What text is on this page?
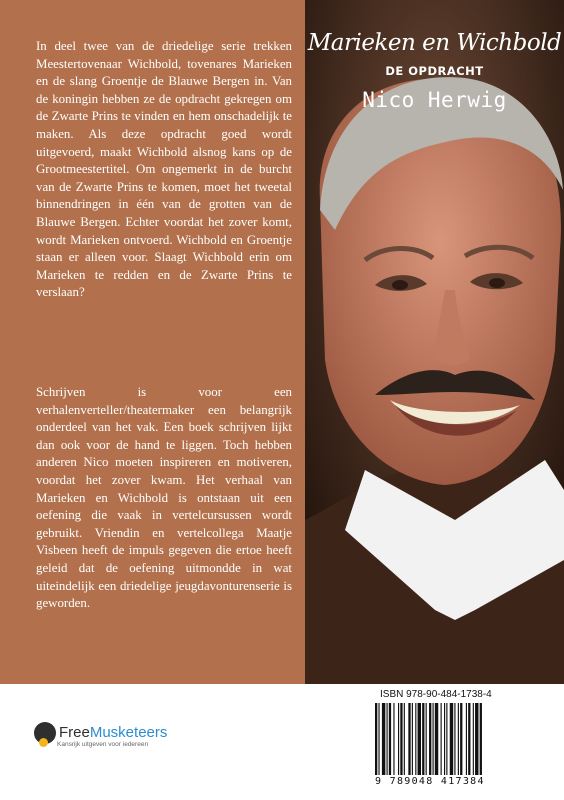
In deel twee van de driedelige serie trekken Meestertovenaar Wichbold, tovenares Marieken en de slang Groentje de Blauwe Bergen in. Van de koningin hebben ze de opdracht gekregen om de Zwarte Prins te vinden en hem onschadelijk te maken. Als deze opdracht goed wordt uitgevoerd, maakt Wichbold alsnog kans op de Grootmeestertitel. Om ongemerkt in de burcht van de Zwarte Prins te komen, moet het tweetal binnendringen in één van de grotten van de Blauwe Bergen. Echter voordat het zover komt, wordt Marieken ontvoerd. Wichbold en Groentje staan er alleen voor. Slaagt Wichbold erin om Marieken te redden en de Zwarte Prins te verslaan?

Schrijven is voor een verhalenverteller/theatermaker een belangrijk onderdeel van het vak. Een boek schrijven lijkt dan ook voor de hand te liggen. Toch hebben anderen Nico moeten inspireren en motiveren, voordat het zover kwam. Het verhaal van Marieken en Wichbold is ontstaan uit een oefening die vaak in vertelcursussen wordt gebruikt. Vriendin en vertelcollega Maatje Visbeen heeft de impuls gegeven die ertoe heeft geleid dat de oefening uitmondde in wat uiteindelijk een driedelige jeugdavonturenserie is geworden.

Marieken en Wichbold
DE OPDRACHT
Nico Herwig
FreeMusketeers
Kansrijk uitgeven voor iedereen
ISBN 978-90-484-1738-4
9 789048 417384
